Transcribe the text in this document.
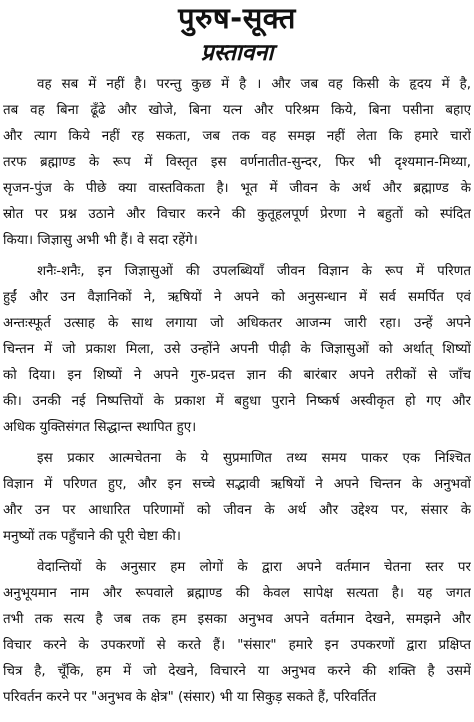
पुरुष-सूक्त
प्रस्तावना
वह सब में नहीं है। परन्तु कुछ में है । और जब वह किसी के हृदय में है,
तब वह बिना ढूँढे और खोजे, बिना यत्न और परिश्रम किये, बिना पसीना बहाए
और त्याग किये नहीं रह सकता, जब तक वह समझ नहीं लेता कि हमारे चारों
तरफ ब्रह्माण्ड के रूप में विस्तृत इस वर्णनातीत-सुन्दर, फिर भी दृश्यमान-मिथ्या,
सृजन-पुंज के पीछे क्या वास्तविकता है। भूत में जीवन के अर्थ और ब्रह्माण्ड के
स्रोत पर प्रश्न उठाने और विचार करने की कुतूहलपूर्ण प्रेरणा ने बहुतों को स्पंदित
किया। जिज्ञासु अभी भी हैं। वे सदा रहेंगे।
शनैः-शनैः, इन जिज्ञासुओं की उपलब्धियाँ जीवन विज्ञान के रूप में परिणत
हुईं और उन वैज्ञानिकों ने, ऋषियों ने अपने को अनुसन्धान में सर्व समर्पित एवं
अन्तःस्फूर्त उत्साह के साथ लगाया जो अधिकतर आजन्म जारी रहा। उन्हें अपने
चिन्तन में जो प्रकाश मिला, उसे उन्होंने अपनी पीढ़ी के जिज्ञासुओं को अर्थात् शिष्यों
को दिया। इन शिष्यों ने अपने गुरु-प्रदत्त ज्ञान की बारंबार अपने तरीकों से जाँच
की। उनकी नई निष्पत्तियों के प्रकाश में बहुधा पुराने निष्कर्ष अस्वीकृत हो गए और
अधिक युक्तिसंगत सिद्धान्त स्थापित हुए।
इस प्रकार आत्मचेतना के ये सुप्रमाणित तथ्य समय पाकर एक निश्चित
विज्ञान में परिणत हुए, और इन सच्चे सद्भावी ऋषियों ने अपने चिन्तन के अनुभवों
और उन पर आधारित परिणामों को जीवन के अर्थ और उद्देश्य पर, संसार के
मनुष्यों तक पहुँचाने की पूरी चेष्टा की।
वेदान्तियों के अनुसार हम लोगों के द्वारा अपने वर्तमान चेतना स्तर पर
अनुभूयमान नाम और रूपवाले ब्रह्माण्ड की केवल सापेक्ष सत्यता है। यह जगत
तभी तक सत्य है जब तक हम इसका अनुभव अपने वर्तमान देखने, समझने और
विचार करने के उपकरणों से करते हैं। "संसार" हमारे इन उपकरणों द्वारा प्रक्षिप्त
चित्र है, चूँकि, हम में जो देखने, विचारने या अनुभव करने की शक्ति है उसमें
परिवर्तन करने पर "अनुभव के क्षेत्र" (संसार) भी या सिकुड़ सकते हैं, परिवर्तित
